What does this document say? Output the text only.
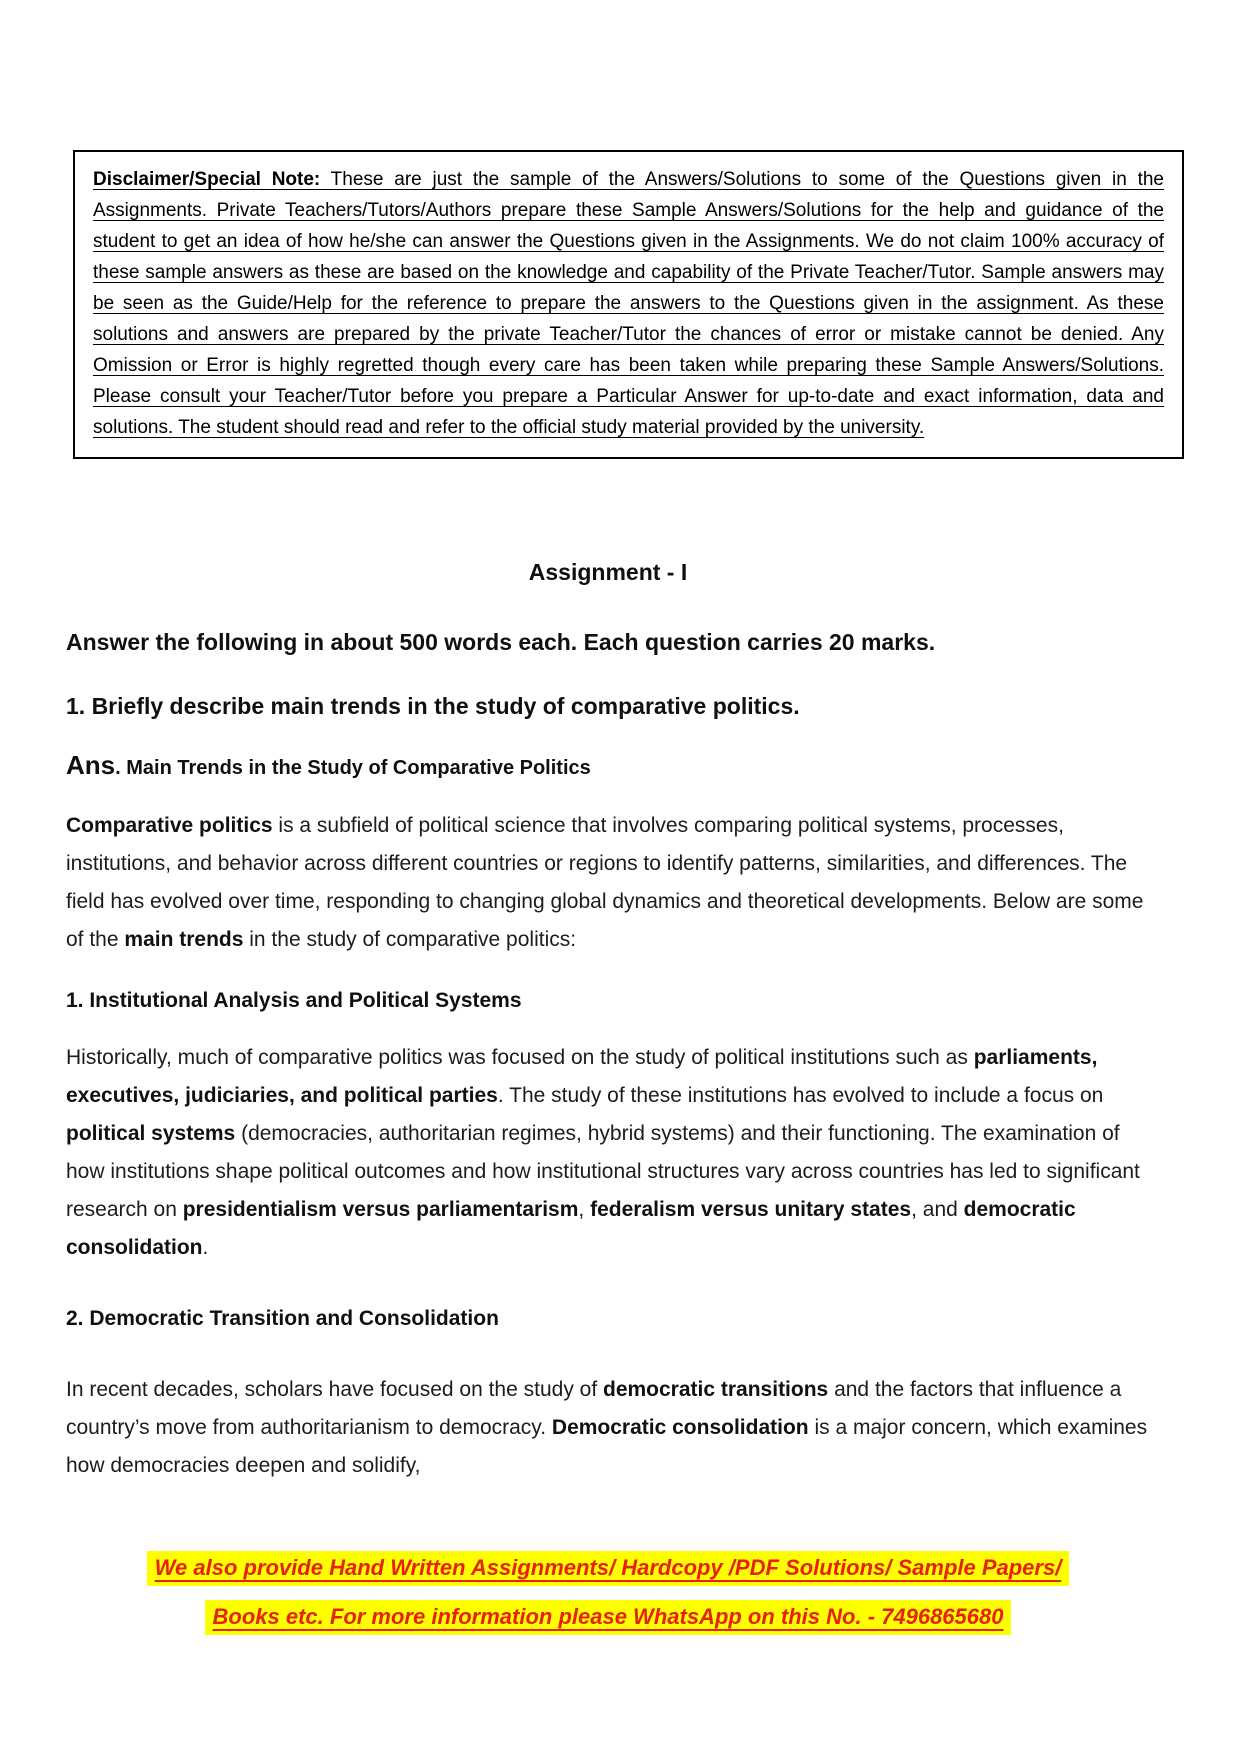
Disclaimer/Special Note: These are just the sample of the Answers/Solutions to some of the Questions given in the Assignments. Private Teachers/Tutors/Authors prepare these Sample Answers/Solutions for the help and guidance of the student to get an idea of how he/she can answer the Questions given in the Assignments. We do not claim 100% accuracy of these sample answers as these are based on the knowledge and capability of the Private Teacher/Tutor. Sample answers may be seen as the Guide/Help for the reference to prepare the answers to the Questions given in the assignment. As these solutions and answers are prepared by the private Teacher/Tutor the chances of error or mistake cannot be denied. Any Omission or Error is highly regretted though every care has been taken while preparing these Sample Answers/Solutions. Please consult your Teacher/Tutor before you prepare a Particular Answer for up-to-date and exact information, data and solutions. The student should read and refer to the official study material provided by the university.

Assignment - I

Answer the following in about 500 words each. Each question carries 20 marks.

1. Briefly describe main trends in the study of comparative politics.

Ans. Main Trends in the Study of Comparative Politics

Comparative politics is a subfield of political science that involves comparing political systems, processes, institutions, and behavior across different countries or regions to identify patterns, similarities, and differences. The field has evolved over time, responding to changing global dynamics and theoretical developments. Below are some of the main trends in the study of comparative politics:

1. Institutional Analysis and Political Systems

Historically, much of comparative politics was focused on the study of political institutions such as parliaments, executives, judiciaries, and political parties. The study of these institutions has evolved to include a focus on political systems (democracies, authoritarian regimes, hybrid systems) and their functioning. The examination of how institutions shape political outcomes and how institutional structures vary across countries has led to significant research on presidentialism versus parliamentarism, federalism versus unitary states, and democratic consolidation.

2. Democratic Transition and Consolidation

In recent decades, scholars have focused on the study of democratic transitions and the factors that influence a country’s move from authoritarianism to democracy. Democratic consolidation is a major concern, which examines how democracies deepen and solidify,

We also provide Hand Written Assignments/ Hardcopy /PDF Solutions/ Sample Papers/
Books etc. For more information please WhatsApp on this No. - 7496865680
